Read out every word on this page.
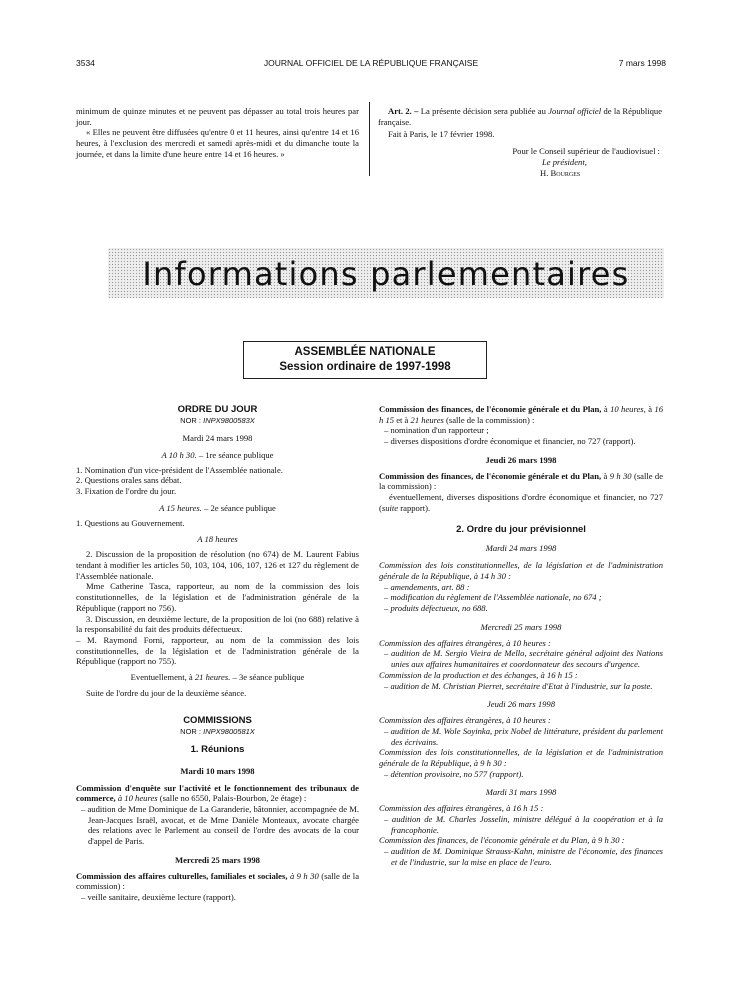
3534	JOURNAL OFFICIEL DE LA RÉPUBLIQUE FRANÇAISE	7 mars 1998

minimum de quinze minutes et ne peuvent pas dépasser au total trois heures par jour.

« Elles ne peuvent être diffusées qu'entre 0 et 11 heures, ainsi qu'entre 14 et 16 heures, à l'exclusion des mercredi et samedi après-midi et du dimanche toute la journée, et dans la limite d'une heure entre 14 et 16 heures. »

Art. 2. – La présente décision sera publiée au Journal officiel de la République française.

Fait à Paris, le 17 février 1998.

Pour le Conseil supérieur de l'audiovisuel :

Le président,

H. Bourges

Informations parlementaires
ASSEMBLÉE NATIONALE
Session ordinaire de 1997-1998

ORDRE DU JOUR

NOR : INPX9800583X

Mardi 24 mars 1998

A 10 h 30. – 1re séance publique

1. Nomination d'un vice-président de l'Assemblée nationale.

2. Questions orales sans débat.

3. Fixation de l'ordre du jour.

A 15 heures. – 2e séance publique

1. Questions au Gouvernement.

A 18 heures

2. Discussion de la proposition de résolution (no 674) de M. Laurent Fabius tendant à modifier les articles 50, 103, 104, 106, 107, 126 et 127 du règlement de l'Assemblée nationale.

Mme Catherine Tasca, rapporteur, au nom de la commission des lois constitutionnelles, de la législation et de l'administration générale de la République (rapport no 756).

3. Discussion, en deuxième lecture, de la proposition de loi (no 688) relative à la responsabilité du fait des produits défectueux.

– M. Raymond Forni, rapporteur, au nom de la commission des lois constitutionnelles, de la législation et de l'administration générale de la République (rapport no 755).

Eventuellement, à 21 heures. – 3e séance publique

Suite de l'ordre du jour de la deuxième séance.

COMMISSIONS

NOR : INPX9800581X

1. Réunions

Mardi 10 mars 1998

Commission d'enquête sur l'activité et le fonctionnement des tribunaux de commerce, à 10 heures (salle no 6550, Palais-Bourbon, 2e étage) :

– audition de Mme Dominique de La Garanderie, bâtonnier, accompagnée de M. Jean-Jacques Israël, avocat, et de Mme Danièle Monteaux, avocate chargée des relations avec le Parlement au conseil de l'ordre des avocats de la cour d'appel de Paris.

Mercredi 25 mars 1998

Commission des affaires culturelles, familiales et sociales, à 9 h 30 (salle de la commission) :

– veille sanitaire, deuxième lecture (rapport).

Commission des finances, de l'économie générale et du Plan, à 10 heures, à 16 h 15 et à 21 heures (salle de la commission) :

– nomination d'un rapporteur ;

– diverses dispositions d'ordre économique et financier, no 727 (rapport).

Jeudi 26 mars 1998

Commission des finances, de l'économie générale et du Plan, à 9 h 30 (salle de la commission) :

éventuellement, diverses dispositions d'ordre économique et financier, no 727 (suite rapport).

2. Ordre du jour prévisionnel

Mardi 24 mars 1998

Commission des lois constitutionnelles, de la législation et de l'administration générale de la République, à 14 h 30 :

– amendements, art. 88 :

– modification du règlement de l'Assemblée nationale, no 674 ;

– produits défectueux, no 688.

Mercredi 25 mars 1998

Commission des affaires étrangères, à 10 heures :

– audition de M. Sergio Vieira de Mello, secrétaire général adjoint des Nations unies aux affaires humanitaires et coordonnateur des secours d'urgence.

Commission de la production et des échanges, à 16 h 15 :

– audition de M. Christian Pierret, secrétaire d'Etat à l'industrie, sur la poste.

Jeudi 26 mars 1998

Commission des affaires étrangères, à 10 heures :

– audition de M. Wole Soyinka, prix Nobel de littérature, président du parlement des écrivains.

Commission des lois constitutionnelles, de la législation et de l'administration générale de la République, à 9 h 30 :

– détention provisoire, no 577 (rapport).

Mardi 31 mars 1998

Commission des affaires étrangères, à 16 h 15 :

– audition de M. Charles Josselin, ministre délégué à la coopération et à la francophonie.

Commission des finances, de l'économie générale et du Plan, à 9 h 30 :

– audition de M. Dominique Strauss-Kahn, ministre de l'économie, des finances et de l'industrie, sur la mise en place de l'euro.
